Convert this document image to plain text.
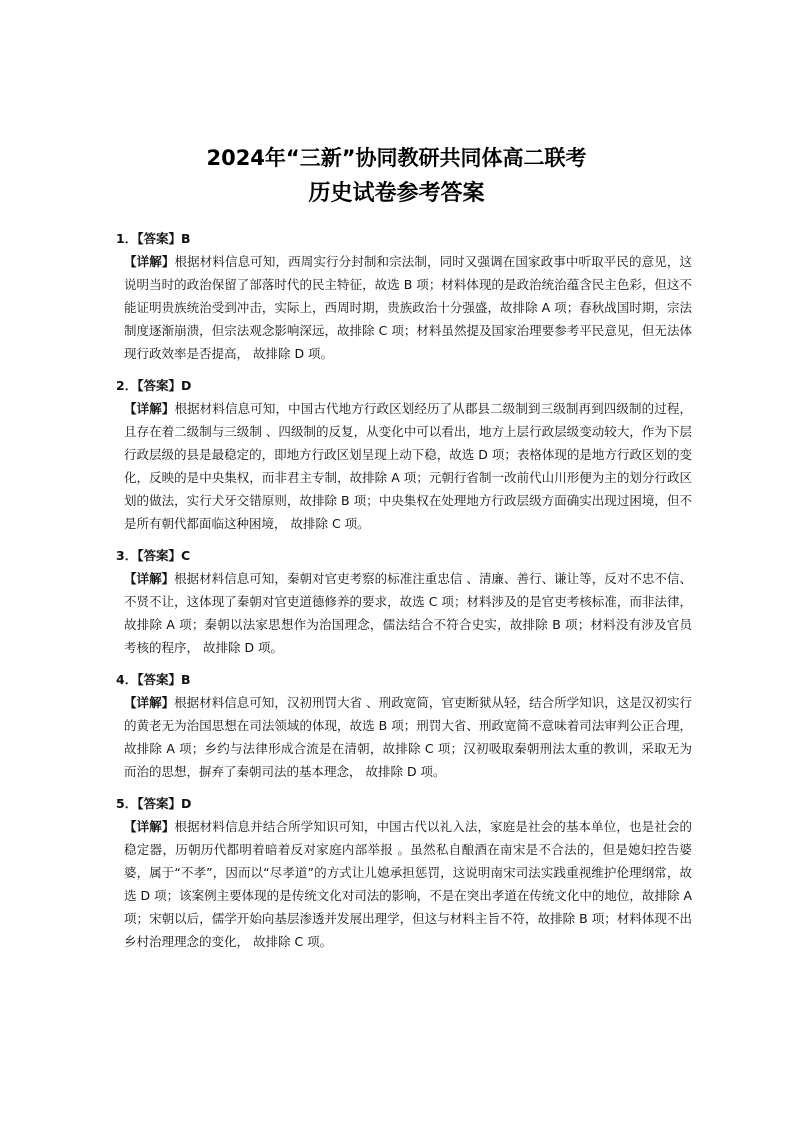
2024年“三新”协同教研共同体高二联考
历史试卷参考答案
1．【答案】B
【详解】根据材料信息可知，西周实行分封制和宗法制，同时又强调在国家政事中听取平民的意见，这说明当时的政治保留了部落时代的民主特征，故选 B 项；材料体现的是政治统治蕴含民主色彩，但这不能证明贵族统治受到冲击，实际上，西周时期，贵族政治十分强盛，故排除 A 项；春秋战国时期，宗法制度逐渐崩溃，但宗法观念影响深远，故排除 C 项；材料虽然提及国家治理要参考平民意见，但无法体现行政效率是否提高， 故排除 D 项。
2．【答案】D
【详解】根据材料信息可知，中国古代地方行政区划经历了从郡县二级制到三级制再到四级制的过程，且存在着二级制与三级制 、四级制的反复，从变化中可以看出，地方上层行政层级变动较大，作为下层行政层级的县是最稳定的，即地方行政区划呈现上动下稳，故选 D 项；表格体现的是地方行政区划的变化，反映的是中央集权，而非君主专制，故排除 A 项；元朝行省制一改前代山川形便为主的划分行政区划的做法，实行犬牙交错原则，故排除 B 项；中央集权在处理地方行政层级方面确实出现过困境，但不是所有朝代都面临这种困境， 故排除 C 项。
3．【答案】C
【详解】根据材料信息可知，秦朝对官吏考察的标准注重忠信 、清廉、善行、谦让等，反对不忠不信、不贤不让，这体现了秦朝对官吏道德修养的要求，故选 C 项；材料涉及的是官吏考核标准，而非法律，故排除 A 项；秦朝以法家思想作为治国理念，儒法结合不符合史实，故排除 B 项；材料没有涉及官员考核的程序， 故排除 D 项。
4．【答案】B
【详解】根据材料信息可知，汉初刑罚大省 、刑政宽简，官吏断狱从轻，结合所学知识，这是汉初实行的黄老无为治国思想在司法领域的体现，故选 B 项；刑罚大省、刑政宽简不意味着司法审判公正合理，故排除 A 项；乡约与法律形成合流是在清朝，故排除 C 项；汉初吸取秦朝刑法太重的教训，采取无为而治的思想，摒弃了秦朝司法的基本理念， 故排除 D 项。
5．【答案】D
【详解】根据材料信息并结合所学知识可知，中国古代以礼入法，家庭是社会的基本单位，也是社会的稳定器，历朝历代都明着暗着反对家庭内部举报 。虽然私自酿酒在南宋是不合法的，但是媳妇控告婆婆，属于“不孝”，因而以“尽孝道”的方式让儿媳承担惩罚，这说明南宋司法实践重视维护伦理纲常，故选 D 项；该案例主要体现的是传统文化对司法的影响，不是在突出孝道在传统文化中的地位，故排除 A 项；宋朝以后，儒学开始向基层渗透并发展出理学，但这与材料主旨不符，故排除 B 项；材料体现不出乡村治理理念的变化， 故排除 C 项。
